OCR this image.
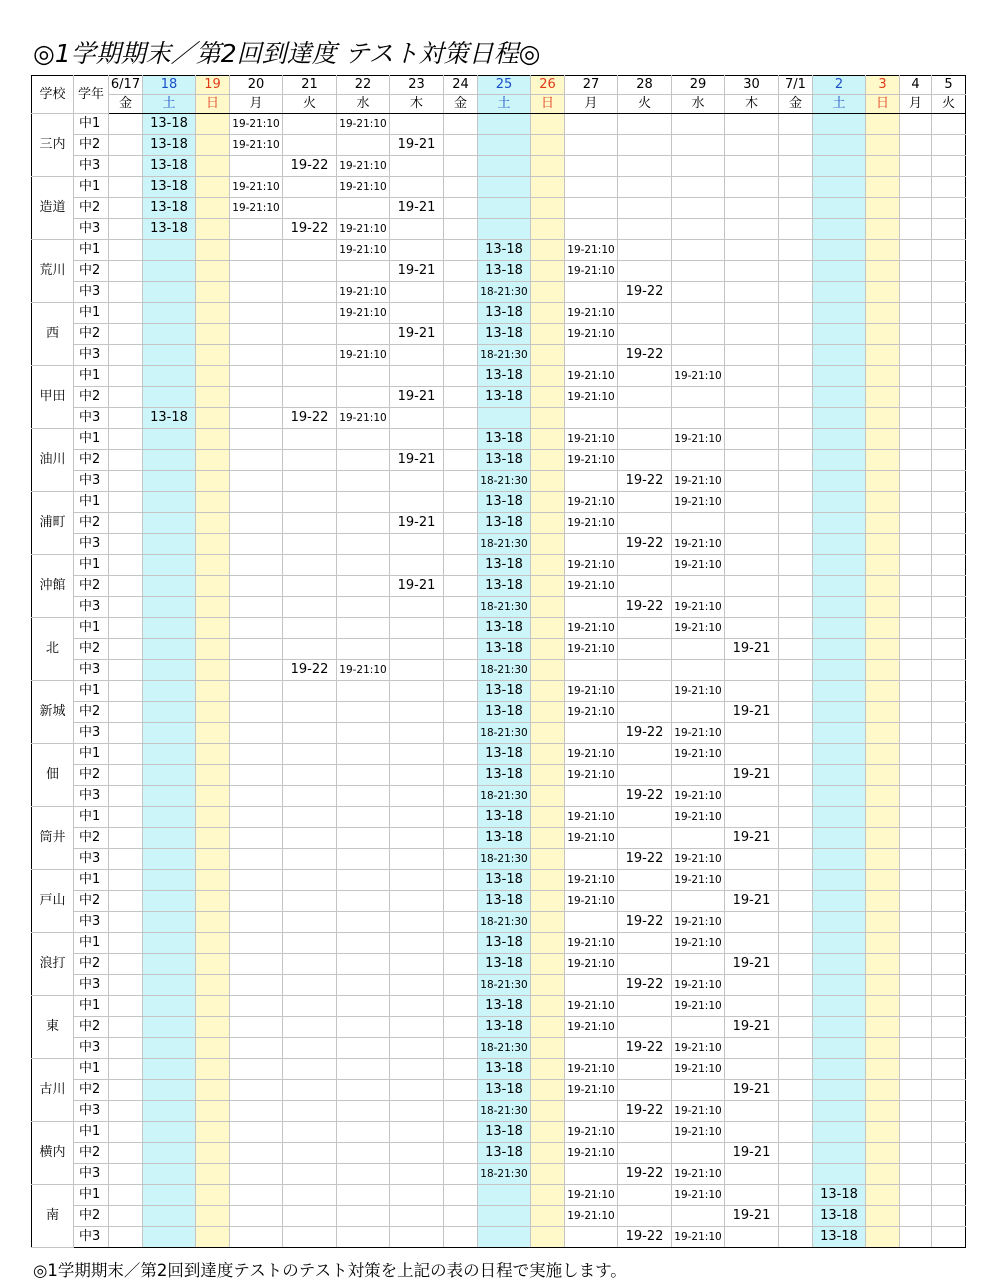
◎1学期期末／第2回到達度 テスト対策日程◎
学校	学年	6/17	18	19	20	21	22	23	24	25	26	27	28	29	30	7/1	2	3	4	5
		金	土	日	月	火	水	木	金	土	日	月	火	水	木	金	土	日	月	火
三内	中1		13-18		19-21:10		19-21:10													
	中2		13-18		19-21:10			19-21												
	中3		13-18			19-22	19-21:10													
造道	中1		13-18		19-21:10		19-21:10													
	中2		13-18		19-21:10			19-21												
	中3		13-18			19-22	19-21:10													
荒川	中1						19-21:10			13-18		19-21:10								
	中2							19-21		13-18		19-21:10								
	中3						19-21:10			18-21:30			19-22							
西	中1						19-21:10			13-18		19-21:10								
	中2							19-21		13-18		19-21:10								
	中3						19-21:10			18-21:30			19-22							
甲田	中1									13-18		19-21:10		19-21:10						
	中2							19-21		13-18		19-21:10								
	中3		13-18			19-22	19-21:10													
油川	中1									13-18		19-21:10		19-21:10						
	中2							19-21		13-18		19-21:10								
	中3									18-21:30			19-22	19-21:10						
浦町	中1									13-18		19-21:10		19-21:10						
	中2							19-21		13-18		19-21:10								
	中3									18-21:30			19-22	19-21:10						
沖館	中1									13-18		19-21:10		19-21:10						
	中2							19-21		13-18		19-21:10								
	中3									18-21:30			19-22	19-21:10						
北	中1									13-18		19-21:10		19-21:10						
	中2									13-18		19-21:10			19-21					
	中3					19-22	19-21:10			18-21:30										
新城	中1									13-18		19-21:10		19-21:10						
	中2									13-18		19-21:10			19-21					
	中3									18-21:30			19-22	19-21:10						
佃	中1									13-18		19-21:10		19-21:10						
	中2									13-18		19-21:10			19-21					
	中3									18-21:30			19-22	19-21:10						
筒井	中1									13-18		19-21:10		19-21:10						
	中2									13-18		19-21:10			19-21					
	中3									18-21:30			19-22	19-21:10						
戸山	中1									13-18		19-21:10		19-21:10						
	中2									13-18		19-21:10			19-21					
	中3									18-21:30			19-22	19-21:10						
浪打	中1									13-18		19-21:10		19-21:10						
	中2									13-18		19-21:10			19-21					
	中3									18-21:30			19-22	19-21:10						
東	中1									13-18		19-21:10		19-21:10						
	中2									13-18		19-21:10			19-21					
	中3									18-21:30			19-22	19-21:10						
古川	中1									13-18		19-21:10		19-21:10						
	中2									13-18		19-21:10			19-21					
	中3									18-21:30			19-22	19-21:10						
横内	中1									13-18		19-21:10		19-21:10						
	中2									13-18		19-21:10			19-21					
	中3									18-21:30			19-22	19-21:10						
南	中1											19-21:10		19-21:10			13-18			
	中2											19-21:10			19-21		13-18			
	中3												19-22	19-21:10			13-18			
◎1学期期末／第2回到達度テストのテスト対策を上記の表の日程で実施します。
